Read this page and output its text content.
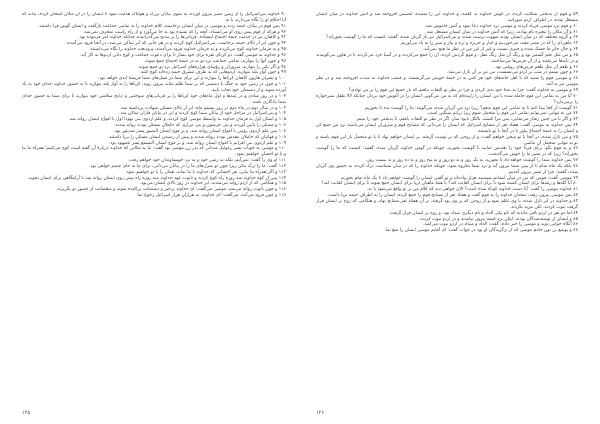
۹۰ خداوند بنی‌اسرائیل را از زمین مصر بیرون آورده، به سوی بیابان بزرگ و هولناک هدایت نمود تا ایشان را در آن مکان امتحان کرده، بداند که آیا احکام او را نگاه می‌دارند یا نه.

۹۱ پس قوم در بیابان خیمه زدند و موسی در میان ایشان برخاسته، کلام خداوند را به تمامی جماعت بازگفت و ایشان گوش فرا داشتند.

۹۲ و هرکه از قوم پیش روی او می‌ایستاد، آنچه را که شنیده بود به جا می‌آورد و از راه راست منحرف نمی‌شد.

۹۳ و کاهنان نیز در خدمت خیمهٔ اجتماع ایستاده، قربانی‌ها را بر مذبح می‌گذرانیدند چنانکه خداوند امر فرموده بود.

۹۴ و چون ابر از بالای خیمه برخاست، بنی‌اسرائیل کوچ کردند و در هر جایی که ابر ساکن می‌شد، در آنجا فرود می‌آمدند.

۹۵ و به فرمان خداوند کوچ می‌کردند و به فرمان خداوند فرود می‌آمدند، و ودیعت خداوند را نگاه می‌داشتند.

۹۶ و خداوند به موسی گفت: دو کرنای نقره برای خود بساز تا برای دعوت جماعت و کوچ دادن اردوها به کار آید.

۹۷ و چون آنها را بنوازند، تمامی جماعت نزد تو به در خیمهٔ اجتماع جمع شوند.

۹۸ و اگر یکی را بنوازند، سروران و رؤسای هزاره‌های اسرائیل نزد تو جمع شوند.

۹۹ و چون آواز بلند بنوازید، اردوهایی که به طرف مشرق خیمه زده‌اند کوچ کنند.

۱۰۰ و پسران هارون کاهنان کرناها را بنوازند و این برای شما در نسل‌های شما فریضهٔ ابدی خواهد بود.

۱۰۱ و چون در زمین خود به جنگ با دشمنی که بر شما ظلم نماید بیرون روید، کرناها را به آواز بلند بنوازید تا به حضور خداوند خدای خود به یاد آورده شوید و از دشمنان خود نجات یابید.

۱۰۲ و در روز شادی و در عیدها و اول ماه‌های خود کرناها را بر قربانی‌های سوختنی و ذبایح سلامتی خود بنوازید تا برای شما به حضور خدای شما یادگاری باشد.

۱۰۳ و در سال دوم در ماه دوم در روز بیستم ماه، ابر از بالای مسکن شهادت برداشته شد.

۱۰۴ و بنی‌اسرائیل در مراحل خود از بیابان سینا کوچ کردند و ابر در بیابان فاران ساکن شد.

۱۰۵ و ایشان اول به فرمان خداوند به واسطهٔ موسی کوچ کردند، و علم اردوی بنی یهودا اول با افواج ایشان روانه شد.

۱۰۶ و مسکن را پایین آوردند و بنی جرشون و بنی مراری که حاملان مسکن بودند روانه شدند.

۱۰۷ پس علم اردوی رؤبین با افواج ایشان روانه شد، و بر فوج ایشان الیصور پسر شدیئور بود.

۱۰۸ و قهاتیان که حاملان مقدس بودند روانه شدند و پیش از رسیدن ایشان مسکن را برپا داشتند.

۱۰۹ و علم اردوی بنی افرایم با افواج ایشان روانه شد، و بر فوج ایشان الیشمع پسر عمیهود بود.

۱۱۰ و موسی به حوباب پسر رعوئیل مدیانی که پدر زن موسی بود گفت: ما به مکانی که خداوند دربارهٔ آن گفته است کوچ می‌کنیم؛ همراه ما بیا و با تو احسان خواهیم نمود.

۱۱۱ او وی را گفت: نمی‌آیم، بلکه به زمین خود و به نزد خویشاوندان خود خواهم رفت.

۱۱۲ گفت: ما را ترک مکن زیرا چون تو منزل‌های ما را در بیابان می‌دانی، برای ما به جای چشم خواهی بود.

۱۱۳ و اگر همراه ما بیایی، هر احسانی که خداوند با ما نماید، همان را با تو خواهیم نمود.

۱۱۴ پس از کوه خداوند سه روزه راه کوچ کردند و تابوت عهد خداوند سه روزه راه پیش روی ایشان روانه شد تا آرامگاهی برای ایشان بجوید.

۱۱۵ و هنگامی که از اردو روانه می‌شدند، ابر خداوند در روز بالای ایشان می‌بود.

۱۱۶ و چون تابوت روانه می‌شد، موسی می‌گفت: ای خداوند برخیز و دشمنانت پراکنده شوند و مبغضانت از حضور تو بگریزند.

۱۱۷ و چون فرود می‌آمد، می‌گفت: ای خداوند، به هزاران هزار اسرائیل رجوع نما.

۱۲۵

۵۹ و قوم از بدبختی شکایت کرده، در گوش خداوند بد گفتند، و خداوند این را شنیده، غضبش افروخته شد و آتش خداوند در میان ایشان مشتعل شده، در اطراف اردو سوزانید.

۶۰ و قوم نزد موسی فریاد کردند و موسی نزد خداوند دعا نمود و آتش خاموش شد.

۶۱ و آن مکان را تبعیره نام نهادند، زیرا که آتش خداوند در میان ایشان مشتعل شد.

۶۲ و گروه مختلف که در میان ایشان بودند شهوت پرست شدند و بنی‌اسرائیل نیز باز گریان شده، گفتند: کیست که ما را گوشت بخوراند؟

۶۳ ماهی‌ای را که در مصر مفت می‌خوردیم و خیار و خربزه و تره و پیاز و سیر را به یاد می‌آوریم.

۶۴ و حال جان ما خشک شده و چیزی نیست و غیر از این من در نظر ما هیچ نمی‌آید.

۶۵ و من مثل تخم گشنیز بود و رنگ آن مثل رنگ مقل. و قوم گردش کرده، آن را جمع می‌کردند و در آسیا خرد می‌کردند یا در هاون می‌کوبیدند و در تابه‌ها می‌پختند و از آن قرص‌ها می‌ساختند.

۶۶ و طعم آن مثل طعم قرص‌های روغنی بود.

۶۷ و چون شبنم در شب بر اردو می‌نشست، من نیز بر آن نازل می‌شد.

۶۸ و موسی قوم را شنید که با اهل خانه‌های خود هر کس به در خیمهٔ خویش می‌گریستند، و غضب خداوند به شدت افروخته شد و در نظر موسی نیز بد آمد.

۶۹ و موسی به خداوند گفت: چرا به بندهٔ خود بدی کردی و چرا در نظر تو التفات نیافتم که بار جمیع این قوم را بر من نهادی؟

۷۰ آیا من به تمامی این قوم حامله شده یا من ایشان را زاییده‌ام که به من می‌گویی ایشان را در آغوش خود بردار، چنانکه لالا طفل شیرخواره را برمی‌دارد؟

۷۱ گوشت از کجا پیدا کنم تا به تمامی این قوم بدهم؟ زیرا نزد من گریان شده، می‌گویند: ما را گوشت بده تا بخوریم.

۷۲ من به تنهایی نمی‌توانم تمامی این قوم را متحمل شوم زیرا برایم سنگین است.

۷۳ و اگر با من چنین رفتار می‌نمایی، پس مرا کشته، بالکل نابود ساز، اگر در نظر تو التفات یافتم، تا بدبختی خود را نبینم.

۷۴ پس خداوند به موسی گفت: هفتاد نفر از مشایخ اسرائیل که ایشان را می‌دانی که مشایخ قوم و سروران ایشان می‌باشند نزد من جمع کن و ایشان را به خیمهٔ اجتماع بیاور تا در آنجا با تو بایستند.

۷۵ و من نازل شده، در آنجا با تو سخن خواهم گفت، و از روحی که بر توست گرفته، بر ایشان خواهم نهاد تا با تو متحمل بار این قوم باشند و تو به تنهایی متحمل آن نباشی.

۷۶ و به قوم بگو: برای فردا خود را تقدیس نمایید تا گوشت بخورید، چونکه در گوش خداوند گریان شده، گفتید: کیست که ما را گوشت بخوراند؟ زیرا که در مصر ما را خوش می‌گذشت.

۷۷ پس خداوند شما را گوشت خواهد داد تا بخورید، نه یک روز و نه دو روز و نه پنج روز و نه ده روز و نه بیست روز،

۷۸ بلکه یک ماه تمام تا از بینی شما بیرون آید و نزد شما مکروه شود، چونکه خداوند را که در میان شماست ترک کرده، به حضور وی گریان شده، گفتید: چرا از مصر بیرون آمدیم.

۷۹ موسی گفت: قومی که من در میان ایشانم ششصد هزار پیاده‌اند و تو گفتی ایشان را گوشت خواهم داد تا یک ماه تمام بخورند.

۸۰ آیا گله‌ها و رمه‌ها برای ایشان کشته شود تا برای ایشان کفایت کند؟ یا همهٔ ماهیان دریا برای ایشان جمع شوند تا برای ایشان کفایت کند؟

۸۱ خداوند موسی را گفت: آیا دست خداوند کوتاه شده است؟ الان خواهی دید که کلام من بر تو واقع می‌شود یا نه.

۸۲ پس موسی بیرون رفته، سخنان خداوند را به قوم گفت و هفتاد نفر از مشایخ قوم را جمع کرده، ایشان را به اطراف خیمه برپا داشت.

۸۳ و خداوند در ابر نازل شده، با وی تکلم نمود و از روحی که بر وی بود گرفته، بر آن هفتاد نفر مشایخ نهاد، و هنگامی که روح بر ایشان قرار گرفت نبوت کردند، لکن مزید نکردند.

۸۴ اما دو نفر در اردو باقی ماندند که نام یکی الداد و نام دیگری میداد بود، و روح بر ایشان قرار گرفت.

۸۵ و ایشان از نوشته‌شدگان بودند، لیکن نزد خیمه بیرون نیامدند و در اردو نبوت کردند.

۸۶ آنگاه جوانی دوید و موسی را خبر داده، گفت: الداد و میداد در اردو نبوت می‌کنند.

۸۷ و یوشع بن نون خادم موسی که از برگزیدگان او بود در جواب گفت: ای آقایم موسی ایشان را منع نما.

۱۲۶
